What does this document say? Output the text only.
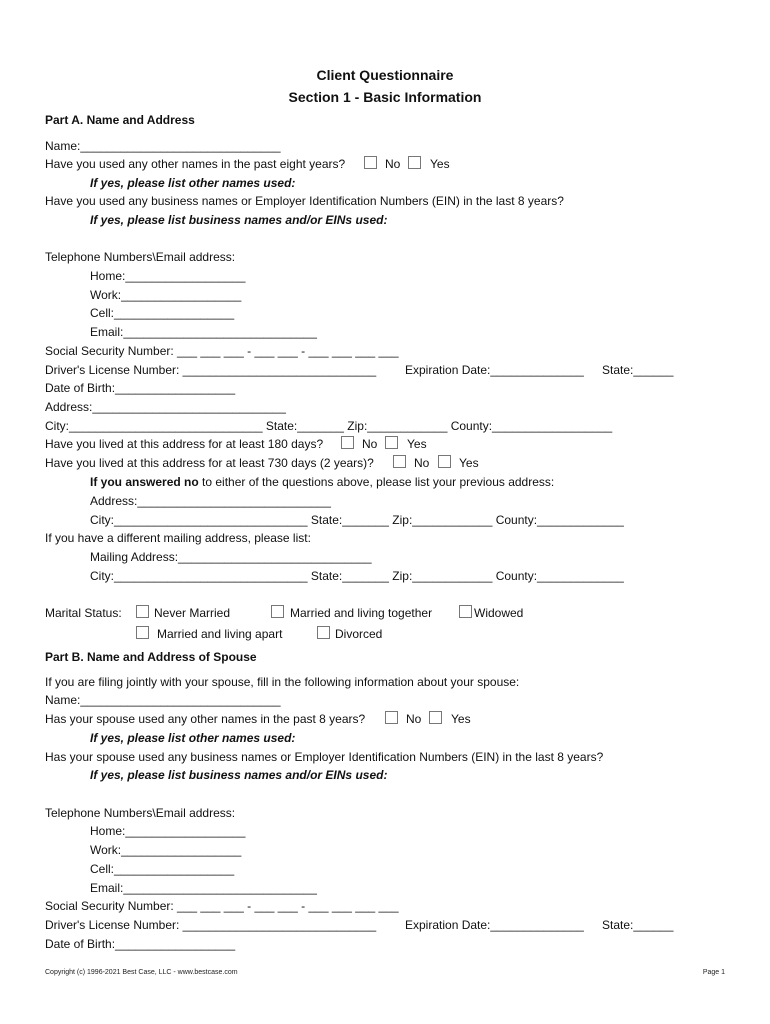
Client Questionnaire
Section 1 - Basic Information
Part A. Name and Address
Name:______________________________
Have you used any other names in the past eight years?	No Yes
If yes, please list other names used:
Have you used any business names or Employer Identification Numbers (EIN) in the last 8 years?
If yes, please list business names and/or EINs used:
Telephone Numbers\Email address:
Home:__________________
Work:__________________
Cell:__________________
Email:_____________________________
Social Security Number: ___ ___ ___ - ___ ___ - ___ ___ ___ ___
Driver's License Number: _____________________________ Expiration Date:______________ State:______
Date of Birth:__________________
Address:_____________________________
City:_____________________________ State:_______ Zip:____________ County:__________________
Have you lived at this address for at least 180 days?	No Yes
Have you lived at this address for at least 730 days (2 years)?	No Yes
If you answered no to either of the questions above, please list your previous address:
Address:_____________________________
City:_____________________________ State:_______ Zip:____________ County:_____________
If you have a different mailing address, please list:
Mailing Address:_____________________________
City:_____________________________ State:_______ Zip:____________ County:_____________
Marital Status:	Never Married	Married and living together	Widowed
Married and living apart	Divorced
Part B. Name and Address of Spouse
If you are filing jointly with your spouse, fill in the following information about your spouse:
Name:______________________________
Has your spouse used any other names in the past 8 years?	No Yes
If yes, please list other names used:
Has your spouse used any business names or Employer Identification Numbers (EIN) in the last 8 years?
If yes, please list business names and/or EINs used:
Telephone Numbers\Email address:
Home:__________________
Work:__________________
Cell:__________________
Email:_____________________________
Social Security Number: ___ ___ ___ - ___ ___ - ___ ___ ___ ___
Driver's License Number: _____________________________ Expiration Date:______________ State:______
Date of Birth:__________________
Copyright (c) 1996-2021 Best Case, LLC - www.bestcase.com	Page 1
